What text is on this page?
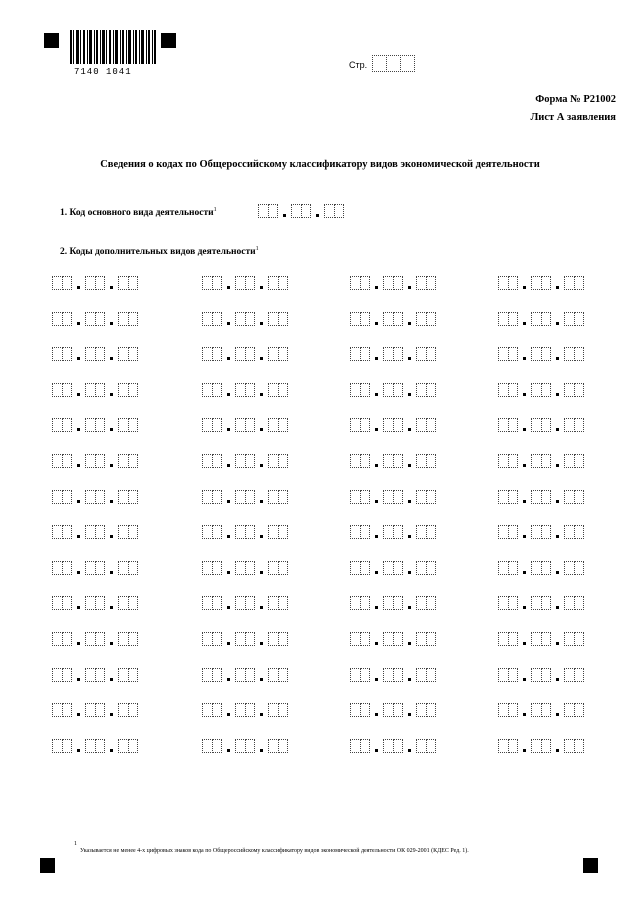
7140 1041
Стр.
Форма № Р21002
Лист А заявления
Сведения о кодах по Общероссийскому классификатору видов экономической деятельности
1. Код основного вида деятельности$^1$
2. Коды дополнительных видов деятельности$^1$
1
Указывается не менее 4-х цифровых знаков кода по Общероссийскому классификатору видов экономической деятельности ОК 029-2001 (КДЕС Ред. 1).
